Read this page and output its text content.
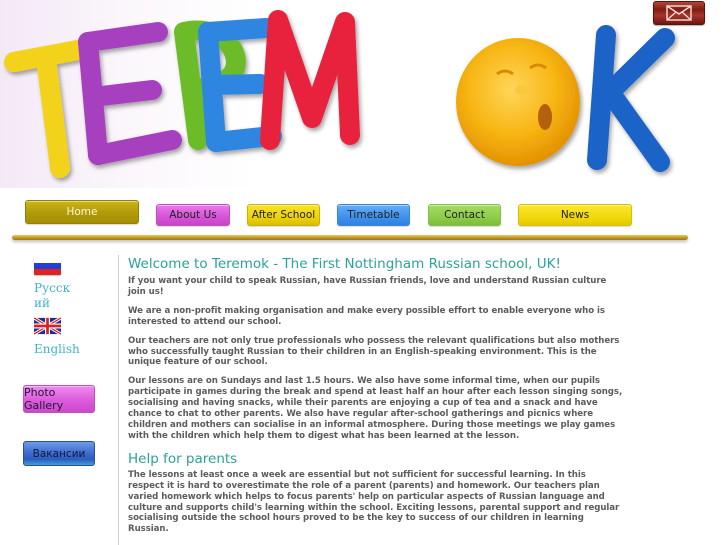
Home	About Us	After School	Timetable	Contact	News
Русский
English
Photo Gallery
Вакансии
Welcome to Teremok - The First Nottingham Russian school, UK!

If you want your child to speak Russian, have Russian friends, love and understand Russian culture join us!

We are a non-profit making organisation and make every possible effort to enable everyone who is interested to attend our school.

Our teachers are not only true professionals who possess the relevant qualifications but also mothers who successfully taught Russian to their children in an English-speaking environment. This is the unique feature of our school.

Our lessons are on Sundays and last 1.5 hours. We also have some informal time, when our pupils participate in games during the break and spend at least half an hour after each lesson singing songs, socialising and having snacks, while their parents are enjoying a cup of tea and a snack and have chance to chat to other parents. We also have regular after-school gatherings and picnics where children and mothers can socialise in an informal atmosphere. During those meetings we play games with the children which help them to digest what has been learned at the lesson.

Help for parents

The lessons at least once a week are essential but not sufficient for successful learning. In this respect it is hard to overestimate the role of a parent (parents) and homework. Our teachers plan varied homework which helps to focus parents' help on particular aspects of Russian language and culture and supports child's learning within the school. Exciting lessons, parental support and regular socialising outside the school hours proved to be the key to success of our children in learning Russian.
